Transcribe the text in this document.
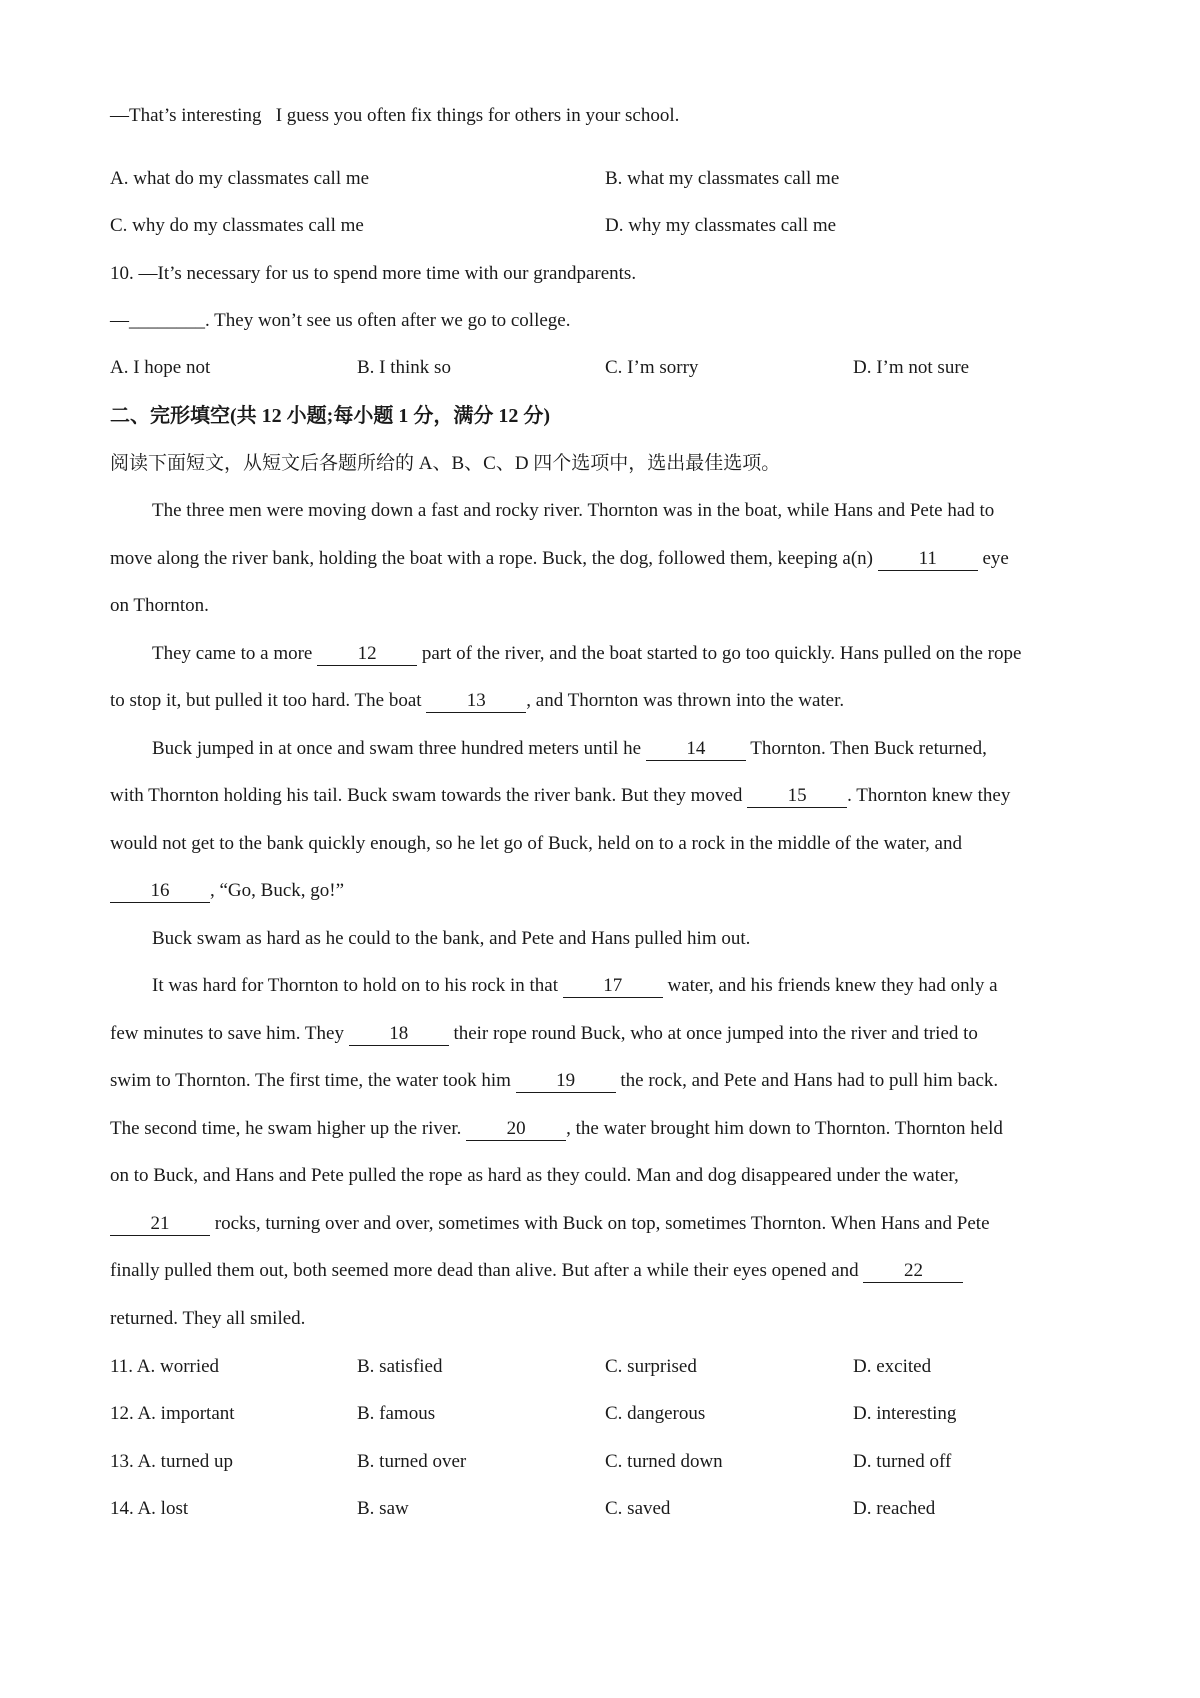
—That’s interesting I guess you often fix things for others in your school.
A. what do my classmates call me	B. what my classmates call me
C. why do my classmates call me	D. why my classmates call me
10. —It’s necessary for us to spend more time with our grandparents.
—________. They won’t see us often after we go to college.
A. I hope not	B. I think so	C. I’m sorry	D. I’m not sure
二、完形填空(共 12 小题;每小题 1 分，满分 12 分)
阅读下面短文，从短文后各题所给的 A、B、C、D 四个选项中，选出最佳选项。
The three men were moving down a fast and rocky river. Thornton was in the boat, while Hans and Pete had to
move along the river bank, holding the boat with a rope. Buck, the dog, followed them, keeping a(n) 11 eye
on Thornton.
They came to a more 12 part of the river, and the boat started to go too quickly. Hans pulled on the rope
to stop it, but pulled it too hard. The boat 13 , and Thornton was thrown into the water.
Buck jumped in at once and swam three hundred meters until he 14 Thornton. Then Buck returned,
with Thornton holding his tail. Buck swam towards the river bank. But they moved 15 . Thornton knew they
would not get to the bank quickly enough, so he let go of Buck, held on to a rock in the middle of the water, and
16 , “Go, Buck, go!”
Buck swam as hard as he could to the bank, and Pete and Hans pulled him out.
It was hard for Thornton to hold on to his rock in that 17 water, and his friends knew they had only a
few minutes to save him. They 18 their rope round Buck, who at once jumped into the river and tried to
swim to Thornton. The first time, the water took him 19 the rock, and Pete and Hans had to pull him back.
The second time, he swam higher up the river. 20 , the water brought him down to Thornton. Thornton held
on to Buck, and Hans and Pete pulled the rope as hard as they could. Man and dog disappeared under the water,
21 rocks, turning over and over, sometimes with Buck on top, sometimes Thornton. When Hans and Pete
finally pulled them out, both seemed more dead than alive. But after a while their eyes opened and 22
returned. They all smiled.
11. A. worried	B. satisfied	C. surprised	D. excited
12. A. important	B. famous	C. dangerous	D. interesting
13. A. turned up	B. turned over	C. turned down	D. turned off
14. A. lost	B. saw	C. saved	D. reached
